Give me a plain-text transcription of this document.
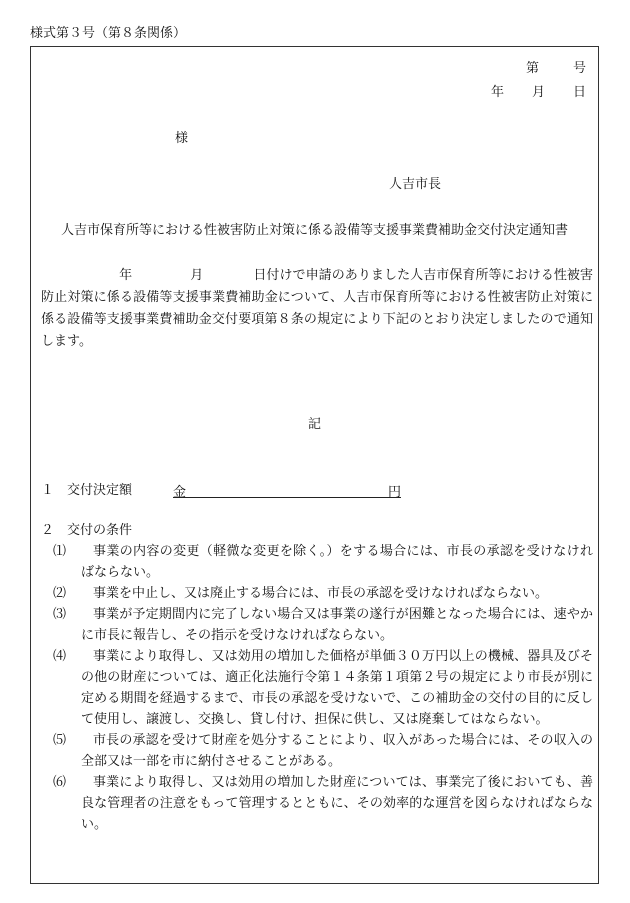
様式第３号（第８条関係）
第	号
年 月 日
様
人吉市長
人吉市保育所等における性被害防止対策に係る設備等支援事業費補助金交付決定通知書
年	月	日付けで申請のありました人吉市保育所等における性被害防止対策に係る設備等支援事業費補助金について、人吉市保育所等における性被害防止対策に係る設備等支援事業費補助金交付要項第８条の規定により下記のとおり決定しましたので通知します。
記
１ 交付決定額	金	円
２ 交付の条件
⑴	事業の内容の変更（軽微な変更を除く。）をする場合には、市長の承認を受けなければならない。
⑵	事業を中止し、又は廃止する場合には、市長の承認を受けなければならない。
⑶	事業が予定期間内に完了しない場合又は事業の遂行が困難となった場合には、速やかに市長に報告し、その指示を受けなければならない。
⑷	事業により取得し、又は効用の増加した価格が単価３０万円以上の機械、器具及びその他の財産については、適正化法施行令第１４条第１項第２号の規定により市長が別に定める期間を経過するまで、市長の承認を受けないで、この補助金の交付の目的に反して使用し、譲渡し、交換し、貸し付け、担保に供し、又は廃棄してはならない。
⑸	市長の承認を受けて財産を処分することにより、収入があった場合には、その収入の全部又は一部を市に納付させることがある。
⑹	事業により取得し、又は効用の増加した財産については、事業完了後においても、善良な管理者の注意をもって管理するとともに、その効率的な運営を図らなければならない。
